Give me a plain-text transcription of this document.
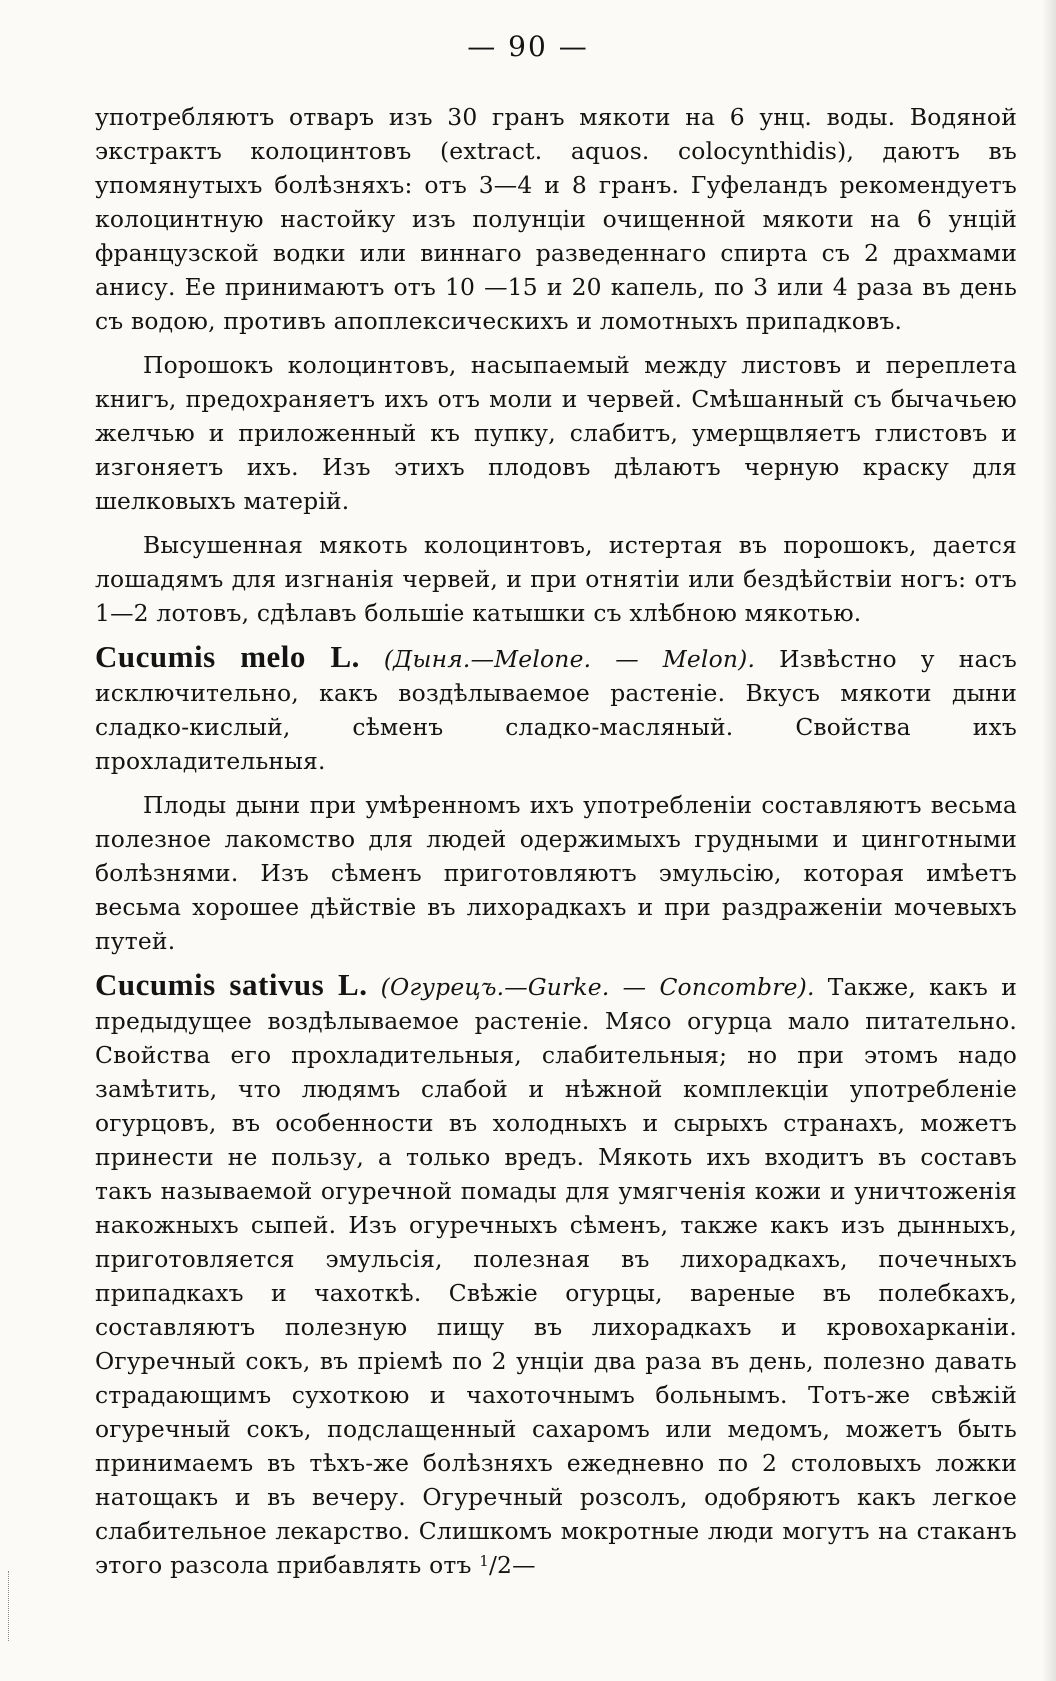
— 90 —

употребляютъ отваръ изъ 30 гранъ мякоти на 6 унц. воды. Водяной экстрактъ колоцинтовъ (extract. aquos. colocynthidis), даютъ въ упомянутыхъ болѣзняхъ: отъ 3—4 и 8 гранъ. Гуфеландъ рекомендуетъ колоцинтную настойку изъ полунціи очищенной мякоти на 6 унцій французской водки или виннаго разведеннаго спирта съ 2 драхмами анису. Ее принимаютъ отъ 10 —15 и 20 капель, по 3 или 4 раза въ день съ водою, противъ апоплексическихъ и ломотныхъ припадковъ.

Порошокъ колоцинтовъ, насыпаемый между листовъ и переплета книгъ, предохраняетъ ихъ отъ моли и червей. Смѣшанный съ бычачьею желчью и приложенный къ пупку, слабитъ, умерщвляетъ глистовъ и изгоняетъ ихъ. Изъ этихъ плодовъ дѣлаютъ черную краску для шелковыхъ матерій.

Высушенная мякоть колоцинтовъ, истертая въ порошокъ, дается лошадямъ для изгнанія червей, и при отнятіи или бездѣйствіи ногъ: отъ 1—2 лотовъ, сдѣлавъ большіе катышки съ хлѣбною мякотью.

Cucumis melo L. (Дыня.—Melone. — Melon). Извѣстно у насъ исключительно, какъ воздѣлываемое растеніе. Вкусъ мякоти дыни сладко-кислый, сѣменъ сладко-масляный. Свойства ихъ прохладительныя.

Плоды дыни при умѣренномъ ихъ употребленіи составляютъ весьма полезное лакомство для людей одержимыхъ грудными и цинготными болѣзнями. Изъ сѣменъ приготовляютъ эмульсію, которая имѣетъ весьма хорошее дѣйствіе въ лихорадкахъ и при раздраженіи мочевыхъ путей.

Cucumis sativus L. (Огурецъ.—Gurke. — Concombre). Также, какъ и предыдущее воздѣлываемое растеніе. Мясо огурца мало питательно. Свойства его прохладительныя, слабительныя; но при этомъ надо замѣтить, что людямъ слабой и нѣжной комплекціи употребленіе огурцовъ, въ особенности въ холодныхъ и сырыхъ странахъ, можетъ принести не пользу, а только вредъ. Мякоть ихъ входитъ въ составъ такъ называемой огуречной помады для умягченія кожи и уничтоженія накожныхъ сыпей. Изъ огуречныхъ сѣменъ, также какъ изъ дынныхъ, приготовляется эмульсія, полезная въ лихорадкахъ, почечныхъ припадкахъ и чахоткѣ. Свѣжіе огурцы, вареные въ полебкахъ, составляютъ полезную пищу въ лихорадкахъ и кровохарканіи. Огуречный сокъ, въ пріемѣ по 2 унціи два раза въ день, полезно давать страдающимъ сухоткою и чахоточнымъ больнымъ. Тотъ-же свѣжій огуречный сокъ, подслащенный сахаромъ или медомъ, можетъ быть принимаемъ въ тѣхъ-же болѣзняхъ ежедневно по 2 столовыхъ ложки натощакъ и въ вечеру. Огуречный розсолъ, одобряютъ какъ легкое слабительное лекарство. Слишкомъ мокротные люди могутъ на стаканъ этого разсола прибавлять отъ $^1$/2—
